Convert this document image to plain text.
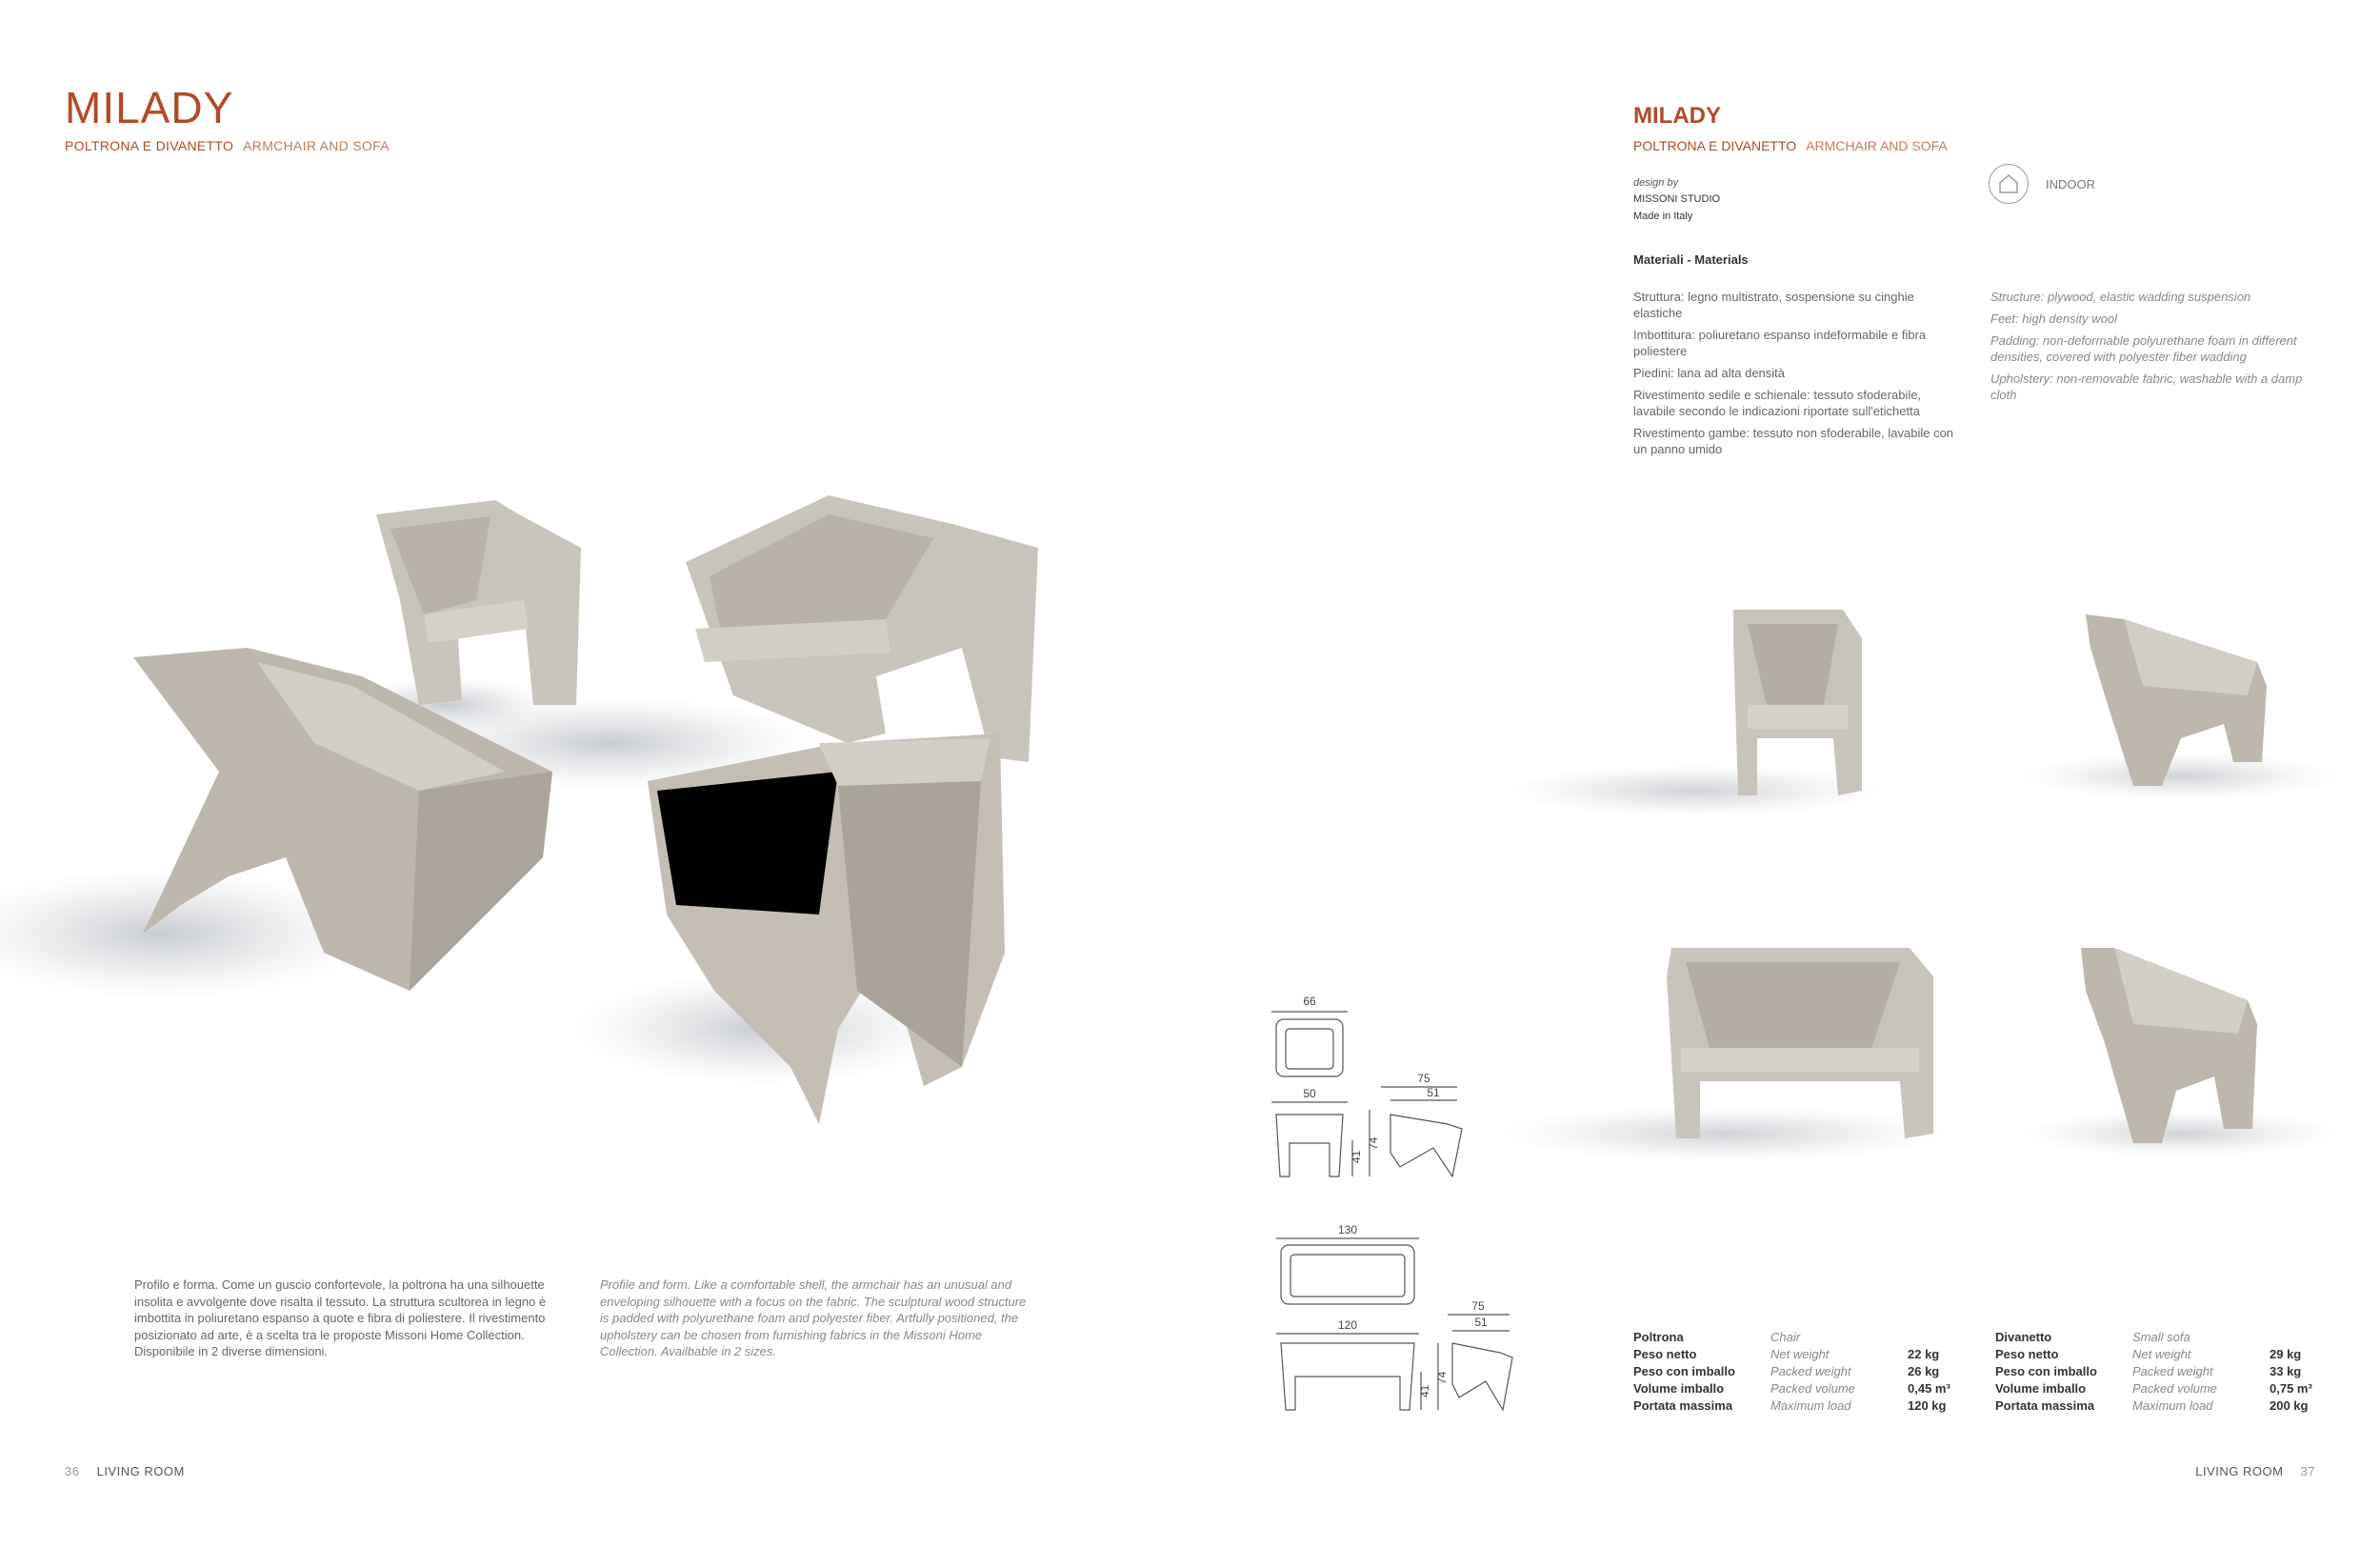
MILADY
POLTRONA E DIVANETTO ARMCHAIR AND SOFA
Profilo e forma. Come un guscio confortevole, la poltrona ha una silhouette insolita e avvolgente dove risalta il tessuto. La struttura scultorea in legno è imbottita in poliuretano espanso a quote e fibra di poliestere. Il rivestimento posizionato ad arte, è a scelta tra le proposte Missoni Home Collection. Disponibile in 2 diverse dimensioni.
Profile and form. Like a comfortable shell, the armchair has an unusual and enveloping silhouette with a focus on the fabric. The sculptural wood structure is padded with polyurethane foam and polyester fiber. Artfully positioned, the upholstery can be chosen from furnishing fabrics in the Missoni Home Collection. Availbable in 2 sizes.
36 LIVING ROOM
66
50
75
51
41
74
130
120
75
51
41
74
MILADY
POLTRONA E DIVANETTO ARMCHAIR AND SOFA
design by
MISSONI STUDIO
Made in Italy
INDOOR
Materiali - Materials

Struttura: legno multistrato, sospensione su cinghie elastiche

Imbottitura: poliuretano espanso indeformabile e fibra poliestere

Piedini: lana ad alta densità

Rivestimento sedile e schienale: tessuto sfoderabile, lavabile secondo le indicazioni riportate sull'etichetta

Rivestimento gambe: tessuto non sfoderabile, lavabile con un panno umido

Structure: plywood, elastic wadding suspension

Feet: high density wool

Padding: non-deformable polyurethane foam in different densities, covered with polyester fiber wadding

Upholstery: non-removable fabric, washable with a damp cloth

Poltrona	Chair	
Peso netto	Net weight	22 kg
Peso con imballo	Packed weight	26 kg
Volume imballo	Packed volume	0,45 m³
Portata massima	Maximum load	120 kg
Divanetto	Small sofa	
Peso netto	Net weight	29 kg
Peso con imballo	Packed weight	33 kg
Volume imballo	Packed volume	0,75 m³
Portata massima	Maximum load	200 kg
LIVING ROOM 37
